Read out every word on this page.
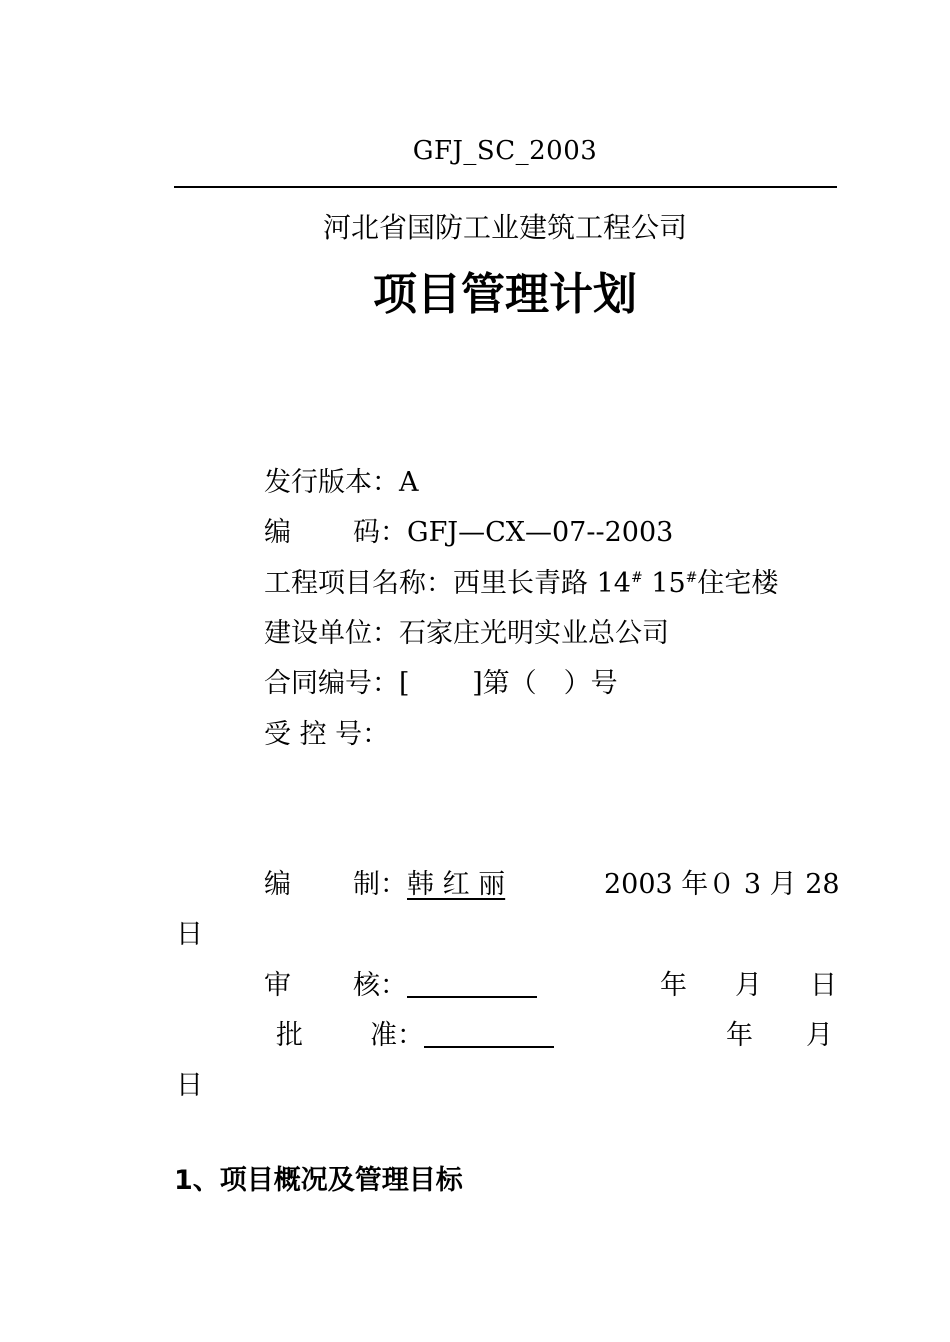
GFJ_SC_2003
河北省国防工业建筑工程公司
项目管理计划
发行版本：A
编 码：GFJ—CX—07--2003
工程项目名称：西里长青路 14# 15#住宅楼
建设单位：石家庄光明实业总公司
合同编号：[　　 ]第（　）号
受 控 号：
编 制：韩 红 丽	2003 年０ 3 月 28
日
审 核：	年 月 日
批 准：	年 月
日
1、项目概况及管理目标
